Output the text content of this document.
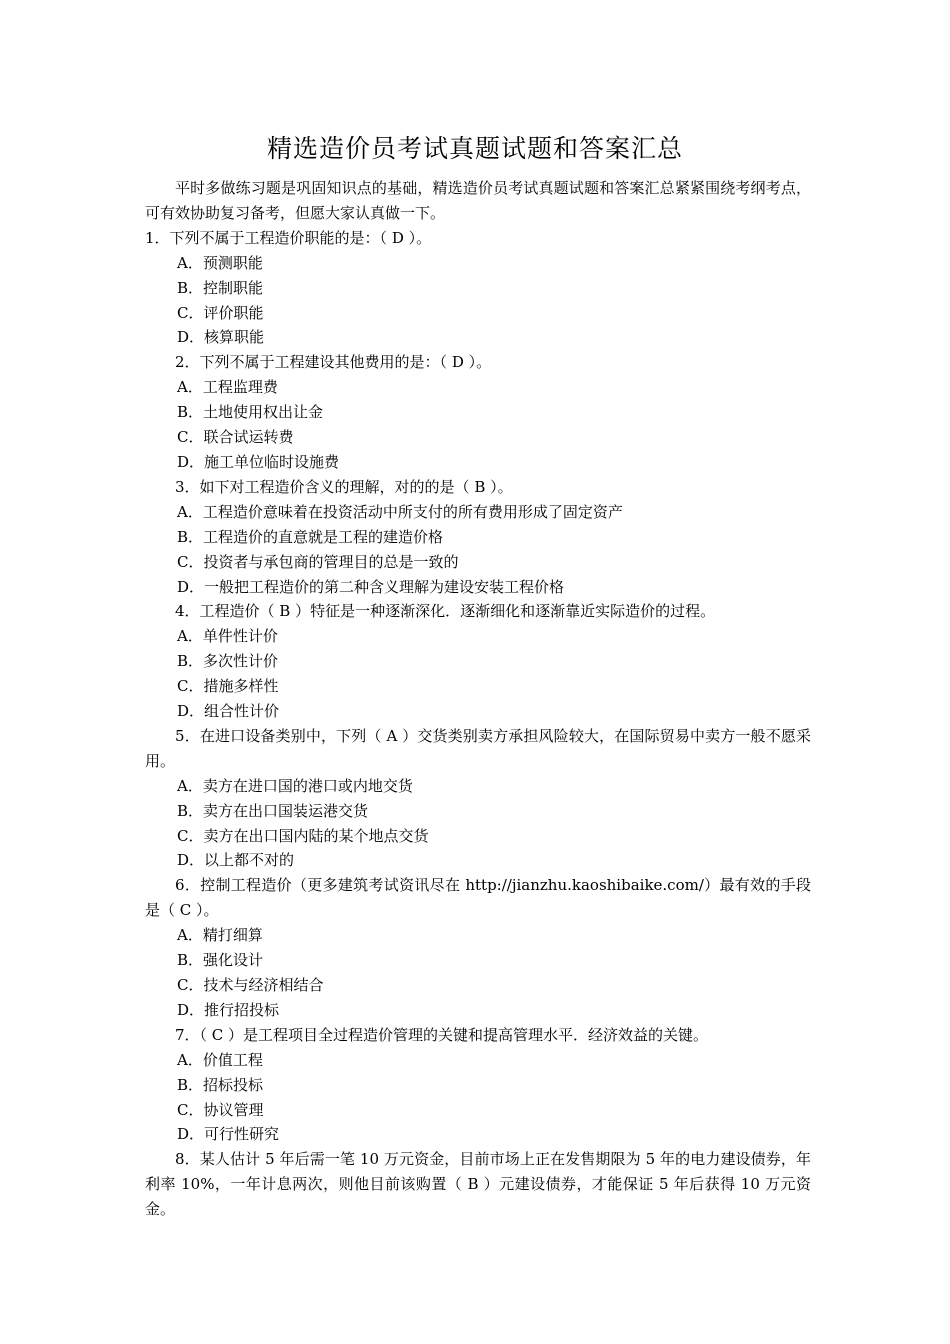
精选造价员考试真题试题和答案汇总

平时多做练习题是巩固知识点的基础，精选造价员考试真题试题和答案汇总紧紧围绕考纲考点，可有效协助复习备考，但愿大家认真做一下。

1．下列不属于工程造价职能的是：（ D ）。

A．预测职能

B．控制职能

C．评价职能

D．核算职能

2．下列不属于工程建设其他费用的是：（ D ）。

A．工程监理费

B．土地使用权出让金

C．联合试运转费

D．施工单位临时设施费

3．如下对工程造价含义的理解，对的的是（ B ）。

A．工程造价意味着在投资活动中所支付的所有费用形成了固定资产

B．工程造价的直意就是工程的建造价格

C．投资者与承包商的管理目的总是一致的

D．一般把工程造价的第二种含义理解为建设安装工程价格

4．工程造价（ B ）特征是一种逐渐深化．逐渐细化和逐渐靠近实际造价的过程。

A．单件性计价

B．多次性计价

C．措施多样性

D．组合性计价

5．在进口设备类别中，下列（ A ）交货类别卖方承担风险较大，在国际贸易中卖方一般不愿采用。

A．卖方在进口国的港口或内地交货

B．卖方在出口国装运港交货

C．卖方在出口国内陆的某个地点交货

D．以上都不对的

6．控制工程造价（更多建筑考试资讯尽在 http://jianzhu.kaoshibaike.com/）最有效的手段是（ C ）。

A．精打细算

B．强化设计

C．技术与经济相结合

D．推行招投标

7．（ C ）是工程项目全过程造价管理的关键和提高管理水平．经济效益的关键。

A．价值工程

B．招标投标

C．协议管理

D．可行性研究

8．某人估计 5 年后需一笔 10 万元资金，目前市场上正在发售期限为 5 年的电力建设债券，年利率 10%，一年计息两次，则他目前该购置（ B ）元建设债券，才能保证 5 年后获得 10 万元资金。
